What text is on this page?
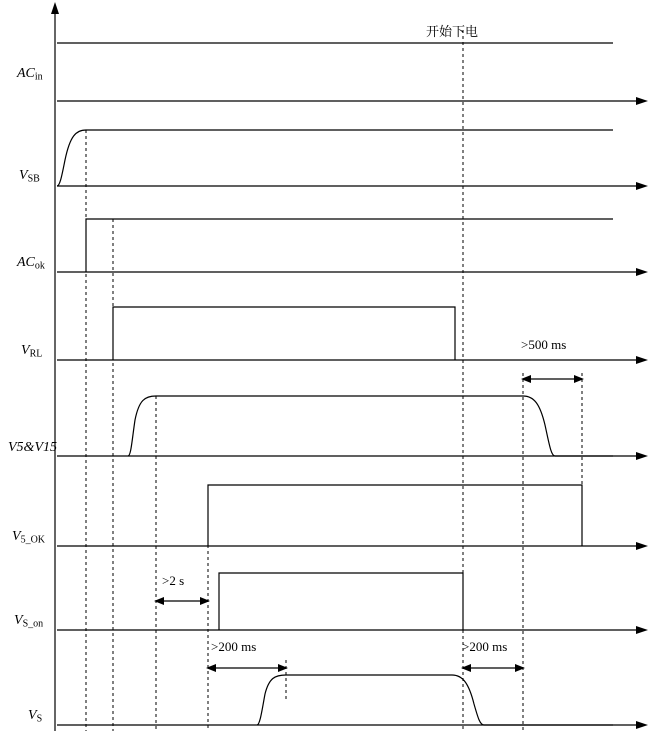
$AC_{in}$
$V_{SB}$
$AC_{ok}$
$V_{RL}$
V5&V15
$V_{5\_OK}$
$V_{S\_on}$
$V_S$
开始下电
>500 ms
>2 s
>200 ms	>200 ms
